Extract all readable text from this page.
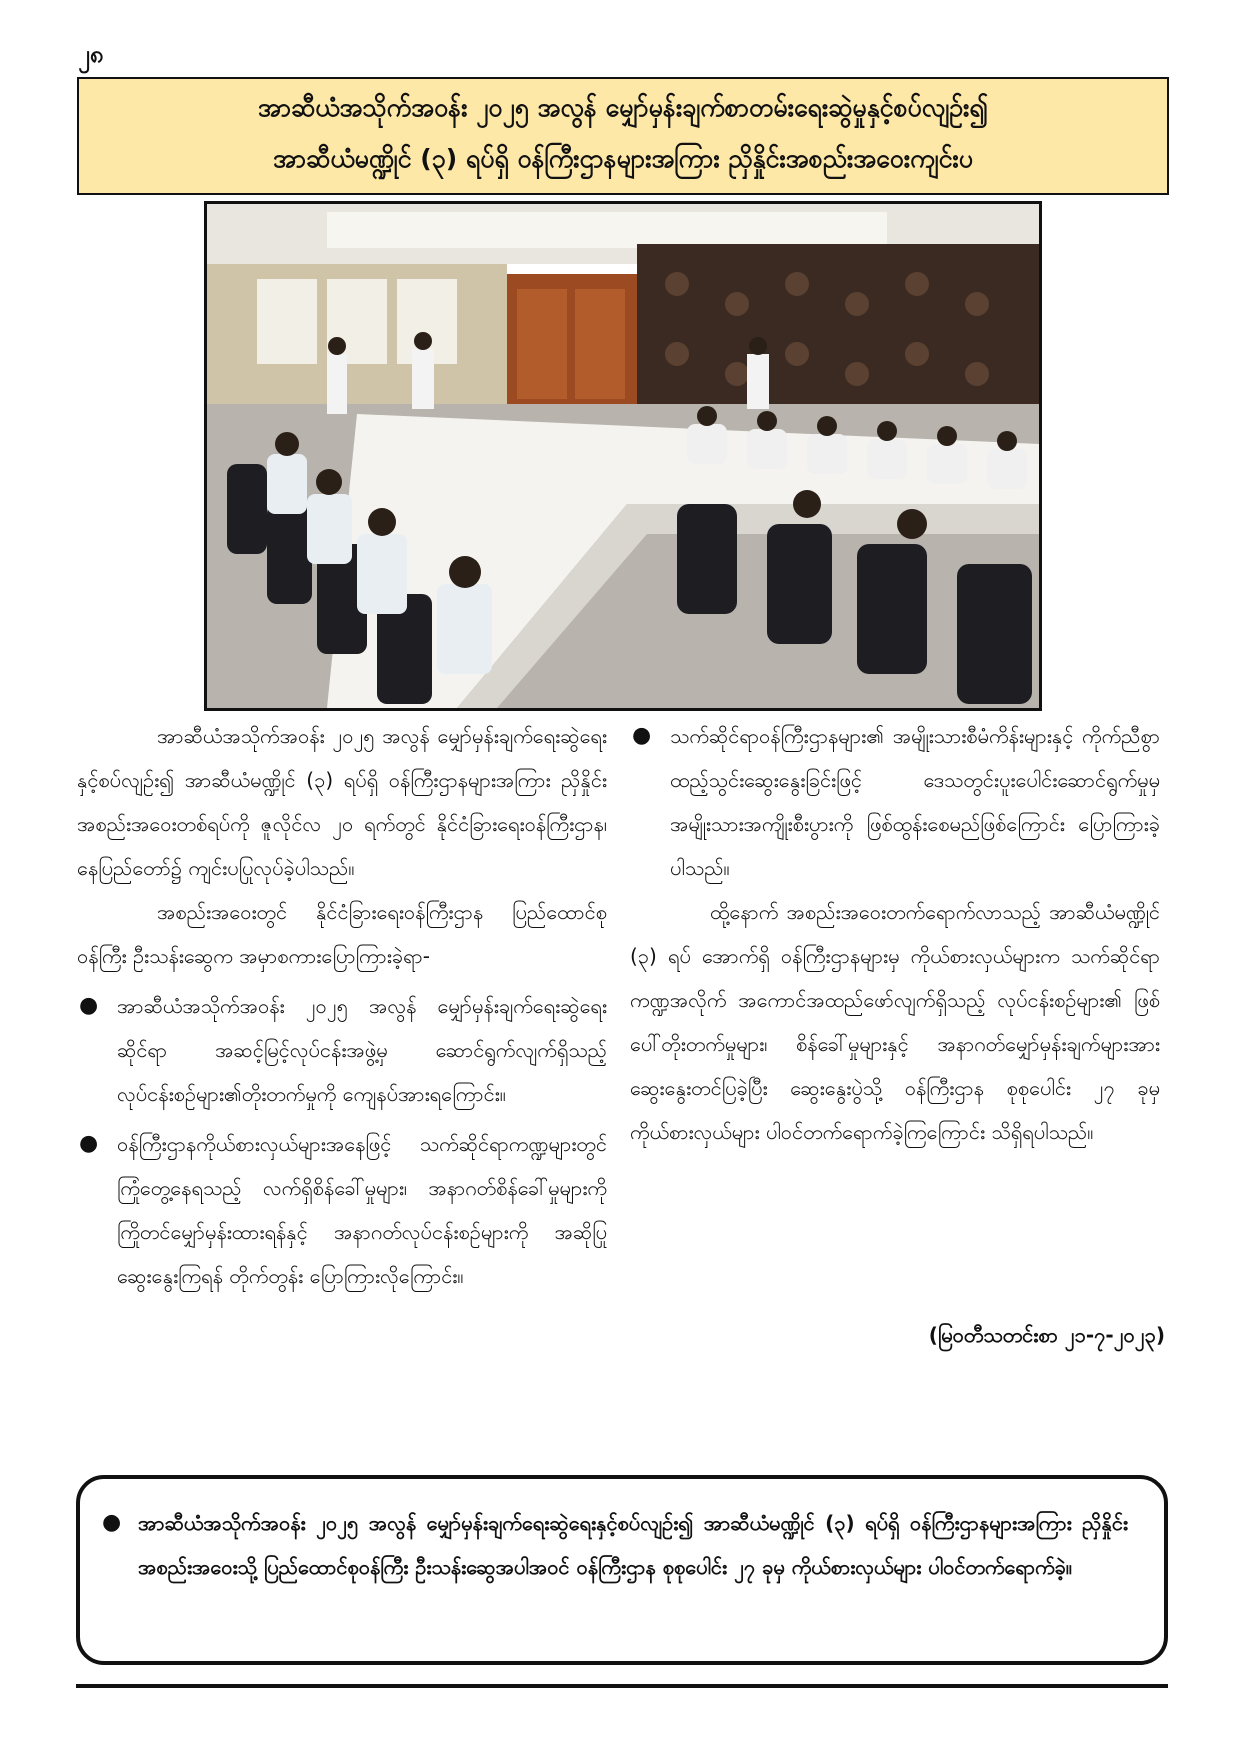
၂၈
အာဆီယံအသိုက်အဝန်း ၂၀၂၅ အလွန် မျှော်မှန်းချက်စာတမ်းရေးဆွဲမှုနှင့်စပ်လျဉ်း၍
အာဆီယံမဏ္ဍိုင် (၃) ရပ်ရှိ ဝန်ကြီးဌာနများအကြား ညှိနှိုင်းအစည်းအဝေးကျင်းပ

အာဆီယံအသိုက်အဝန်း ၂၀၂၅ အလွန် မျှော်မှန်းချက်ရေးဆွဲရေးနှင့်စပ်လျဉ်း၍ အာဆီယံမဏ္ဍိုင် (၃) ရပ်ရှိ ဝန်ကြီးဌာနများအကြား ညှိနှိုင်းအစည်းအဝေးတစ်ရပ်ကို ဇူလိုင်လ ၂၀ ရက်တွင် နိုင်ငံခြားရေးဝန်ကြီးဌာန၊ နေပြည်တော်၌ ကျင်းပပြုလုပ်ခဲ့ပါသည်။

အစည်းအဝေးတွင် နိုင်ငံခြားရေးဝန်ကြီးဌာန ပြည်ထောင်စုဝန်ကြီး ဦးသန်းဆွေက အမှာစကားပြောကြားခဲ့ရာ-

● အာဆီယံအသိုက်အဝန်း ၂၀၂၅ အလွန် မျှော်မှန်းချက်ရေးဆွဲရေးဆိုင်ရာ အဆင့်မြင့်လုပ်ငန်းအဖွဲ့မှ ဆောင်ရွက်လျက်ရှိသည့် လုပ်ငန်းစဉ်များ၏တိုးတက်မှုကို ကျေနပ်အားရကြောင်း။
● ဝန်ကြီးဌာနကိုယ်စားလှယ်များအနေဖြင့် သက်ဆိုင်ရာကဏ္ဍများတွင် ကြုံတွေ့နေရသည့် လက်ရှိစိန်ခေါ်မှုများ၊ အနာဂတ်စိန်ခေါ်မှုများကို ကြိုတင်မျှော်မှန်းထားရန်နှင့် အနာဂတ်လုပ်ငန်းစဉ်များကို အဆိုပြုဆွေးနွေးကြရန် တိုက်တွန်း ပြောကြားလိုကြောင်း။
● သက်ဆိုင်ရာဝန်ကြီးဌာနများ၏ အမျိုးသားစီမံကိန်းများနှင့် ကိုက်ညီစွာ ထည့်သွင်းဆွေးနွေးခြင်းဖြင့် ဒေသတွင်းပူးပေါင်းဆောင်ရွက်မှုမှ အမျိုးသားအကျိုးစီးပွားကို ဖြစ်ထွန်းစေမည်ဖြစ်ကြောင်း ပြောကြားခဲ့ပါသည်။

ထို့နောက် အစည်းအဝေးတက်ရောက်လာသည့် အာဆီယံမဏ္ဍိုင် (၃) ရပ် အောက်ရှိ ဝန်ကြီးဌာနများမှ ကိုယ်စားလှယ်များက သက်ဆိုင်ရာကဏ္ဍအလိုက် အကောင်အထည်ဖော်လျက်ရှိသည့် လုပ်ငန်းစဉ်များ၏ ဖြစ်ပေါ်တိုးတက်မှုများ၊ စိန်ခေါ်မှုများနှင့် အနာဂတ်မျှော်မှန်းချက်များအား ဆွေးနွေးတင်ပြခဲ့ပြီး ဆွေးနွေးပွဲသို့ ဝန်ကြီးဌာန စုစုပေါင်း ၂၇ ခုမှ ကိုယ်စားလှယ်များ ပါဝင်တက်ရောက်ခဲ့ကြကြောင်း သိရှိရပါသည်။

(မြဝတီသတင်းစာ ၂၁-၇-၂၀၂၃)
● အာဆီယံအသိုက်အဝန်း ၂၀၂၅ အလွန် မျှော်မှန်းချက်ရေးဆွဲရေးနှင့်စပ်လျဉ်း၍ အာဆီယံမဏ္ဍိုင် (၃) ရပ်ရှိ ဝန်ကြီးဌာနများအကြား ညှိနှိုင်းအစည်းအဝေးသို့ ပြည်ထောင်စုဝန်ကြီး ဦးသန်းဆွေအပါအဝင် ဝန်ကြီးဌာန စုစုပေါင်း ၂၇ ခုမှ ကိုယ်စားလှယ်များ ပါဝင်တက်ရောက်ခဲ့။
